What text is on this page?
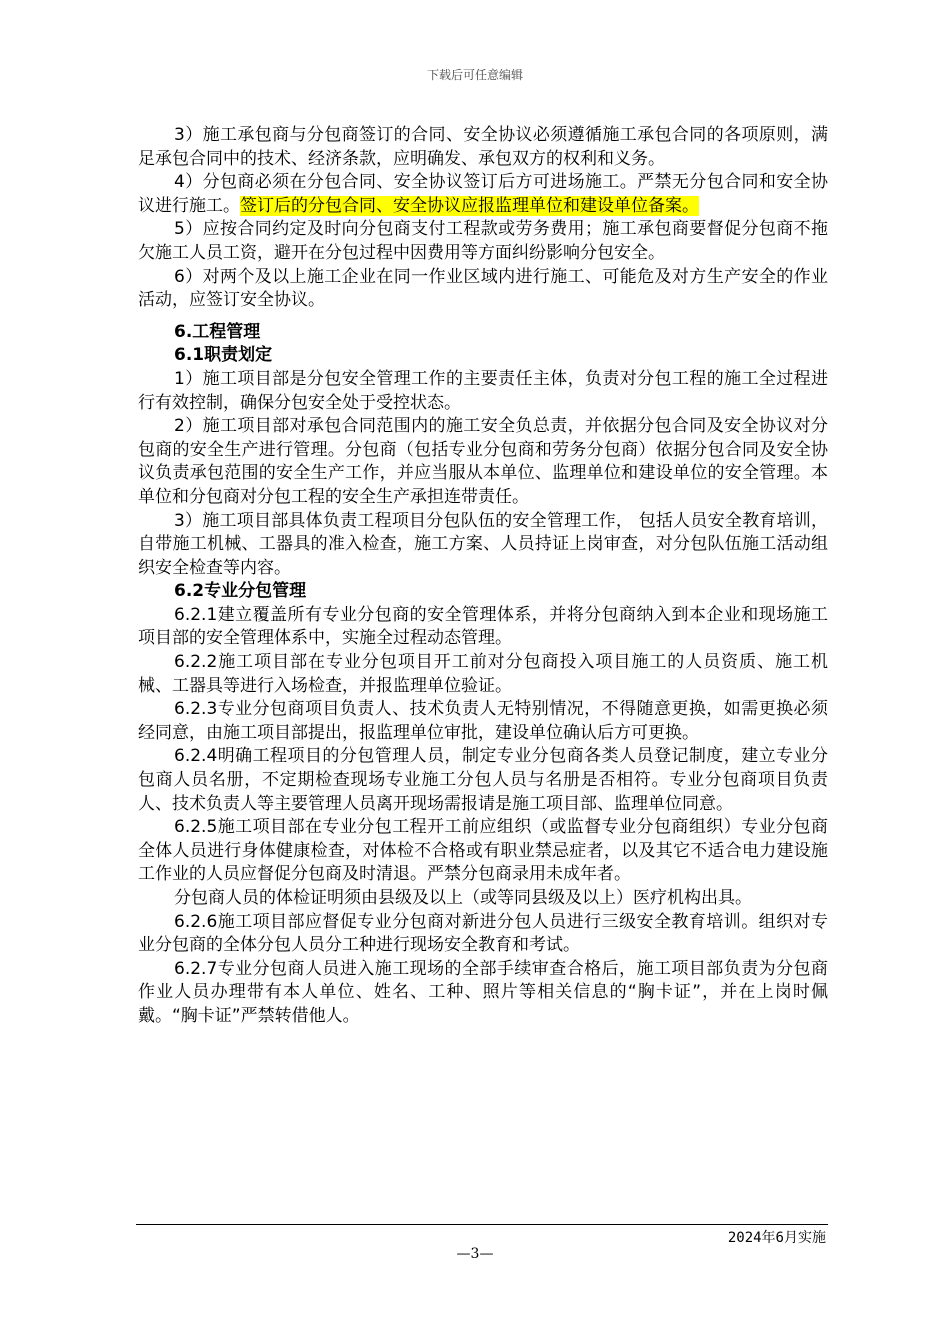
下载后可任意编辑

3）施工承包商与分包商签订的合同、安全协议必须遵循施工承包合同的各项原则，满足承包合同中的技术、经济条款，应明确发、承包双方的权利和义务。

4）分包商必须在分包合同、安全协议签订后方可进场施工。严禁无分包合同和安全协议进行施工。签订后的分包合同、安全协议应报监理单位和建设单位备案。

5）应按合同约定及时向分包商支付工程款或劳务费用；施工承包商要督促分包商不拖欠施工人员工资，避开在分包过程中因费用等方面纠纷影响分包安全。

6）对两个及以上施工企业在同一作业区域内进行施工、可能危及对方生产安全的作业活动，应签订安全协议。

6.工程管理

6.1职责划定

1）施工项目部是分包安全管理工作的主要责任主体，负责对分包工程的施工全过程进行有效控制，确保分包安全处于受控状态。

2）施工项目部对承包合同范围内的施工安全负总责，并依据分包合同及安全协议对分包商的安全生产进行管理。分包商（包括专业分包商和劳务分包商）依据分包合同及安全协议负责承包范围的安全生产工作，并应当服从本单位、监理单位和建设单位的安全管理。本单位和分包商对分包工程的安全生产承担连带责任。

3）施工项目部具体负责工程项目分包队伍的安全管理工作， 包括人员安全教育培训，自带施工机械、工器具的准入检查，施工方案、人员持证上岗审查，对分包队伍施工活动组织安全检查等内容。

6.2专业分包管理

6.2.1建立覆盖所有专业分包商的安全管理体系，并将分包商纳入到本企业和现场施工项目部的安全管理体系中，实施全过程动态管理。

6.2.2施工项目部在专业分包项目开工前对分包商投入项目施工的人员资质、施工机械、工器具等进行入场检查，并报监理单位验证。

6.2.3专业分包商项目负责人、技术负责人无特别情况，不得随意更换，如需更换必须经同意，由施工项目部提出，报监理单位审批，建设单位确认后方可更换。

6.2.4明确工程项目的分包管理人员，制定专业分包商各类人员登记制度，建立专业分包商人员名册，不定期检查现场专业施工分包人员与名册是否相符。专业分包商项目负责人、技术负责人等主要管理人员离开现场需报请是施工项目部、监理单位同意。

6.2.5施工项目部在专业分包工程开工前应组织（或监督专业分包商组织）专业分包商全体人员进行身体健康检查，对体检不合格或有职业禁忌症者，以及其它不适合电力建设施工作业的人员应督促分包商及时清退。严禁分包商录用未成年者。

分包商人员的体检证明须由县级及以上（或等同县级及以上）医疗机构出具。

6.2.6施工项目部应督促专业分包商对新进分包人员进行三级安全教育培训。组织对专业分包商的全体分包人员分工种进行现场安全教育和考试。

6.2.7专业分包商人员进入施工现场的全部手续审查合格后，施工项目部负责为分包商作业人员办理带有本人单位、姓名、工种、照片等相关信息的“胸卡证”，并在上岗时佩戴。“胸卡证”严禁转借他人。

2024年6月实施
—3—
